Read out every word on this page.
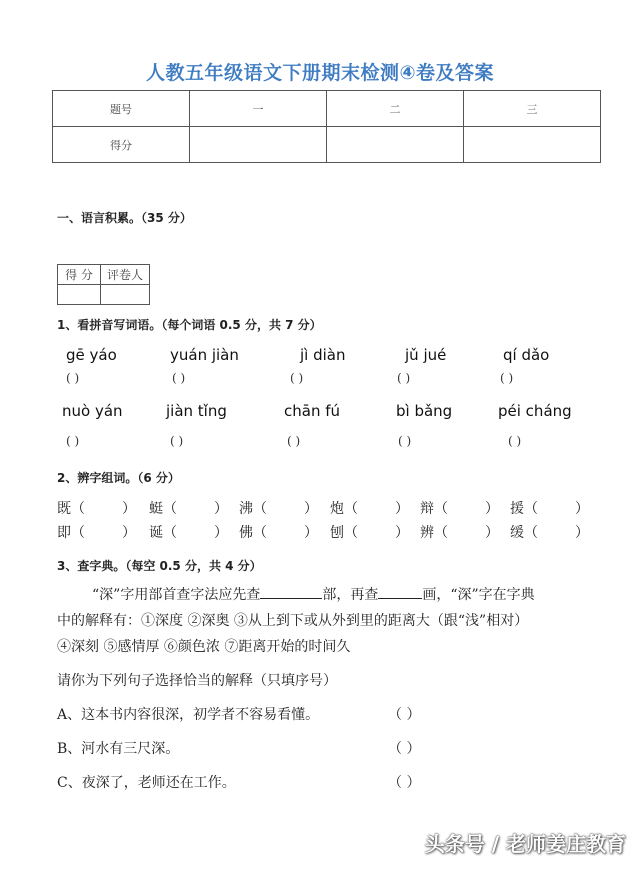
人教五年级语文下册期末检测④卷及答案
题号	一	二	三
得分			
一、语言积累。（35 分）
得 分	评卷人

1、看拼音写词语。（每个词语 0.5 分，共 7 分）
gē yáo	yuán jiàn	jì diàn	jǔ jué	qí dǎo
( )	( )	( )	( )	( )
nuò yán	jiàn tǐng	chān fú	bì bǎng	péi cháng
( )	( )	( )	( )	( )
2、辨字组词。（6 分）
既（	） 蜓（	） 沸（	） 炮（	） 辩（	） 援（	）
即（	） 诞（	） 佛（	） 刨（	） 辨（	） 缓（	）
3、查字典。（每空 0.5 分，共 4 分）
“深”字用部首查字法应先查	部，再查	画，“深”字在字典
中的解释有：①深度 ②深奥 ③从上到下或从外到里的距离大（跟“浅”相对）
④深刻 ⑤感情厚 ⑥颜色浓 ⑦距离开始的时间久
请你为下列句子选择恰当的解释（只填序号）
A、这本书内容很深，初学者不容易看懂。	（ ）
B、河水有三尺深。	（ ）
C、夜深了，老师还在工作。	（ ）
头条号 / 老师姜庄教育
